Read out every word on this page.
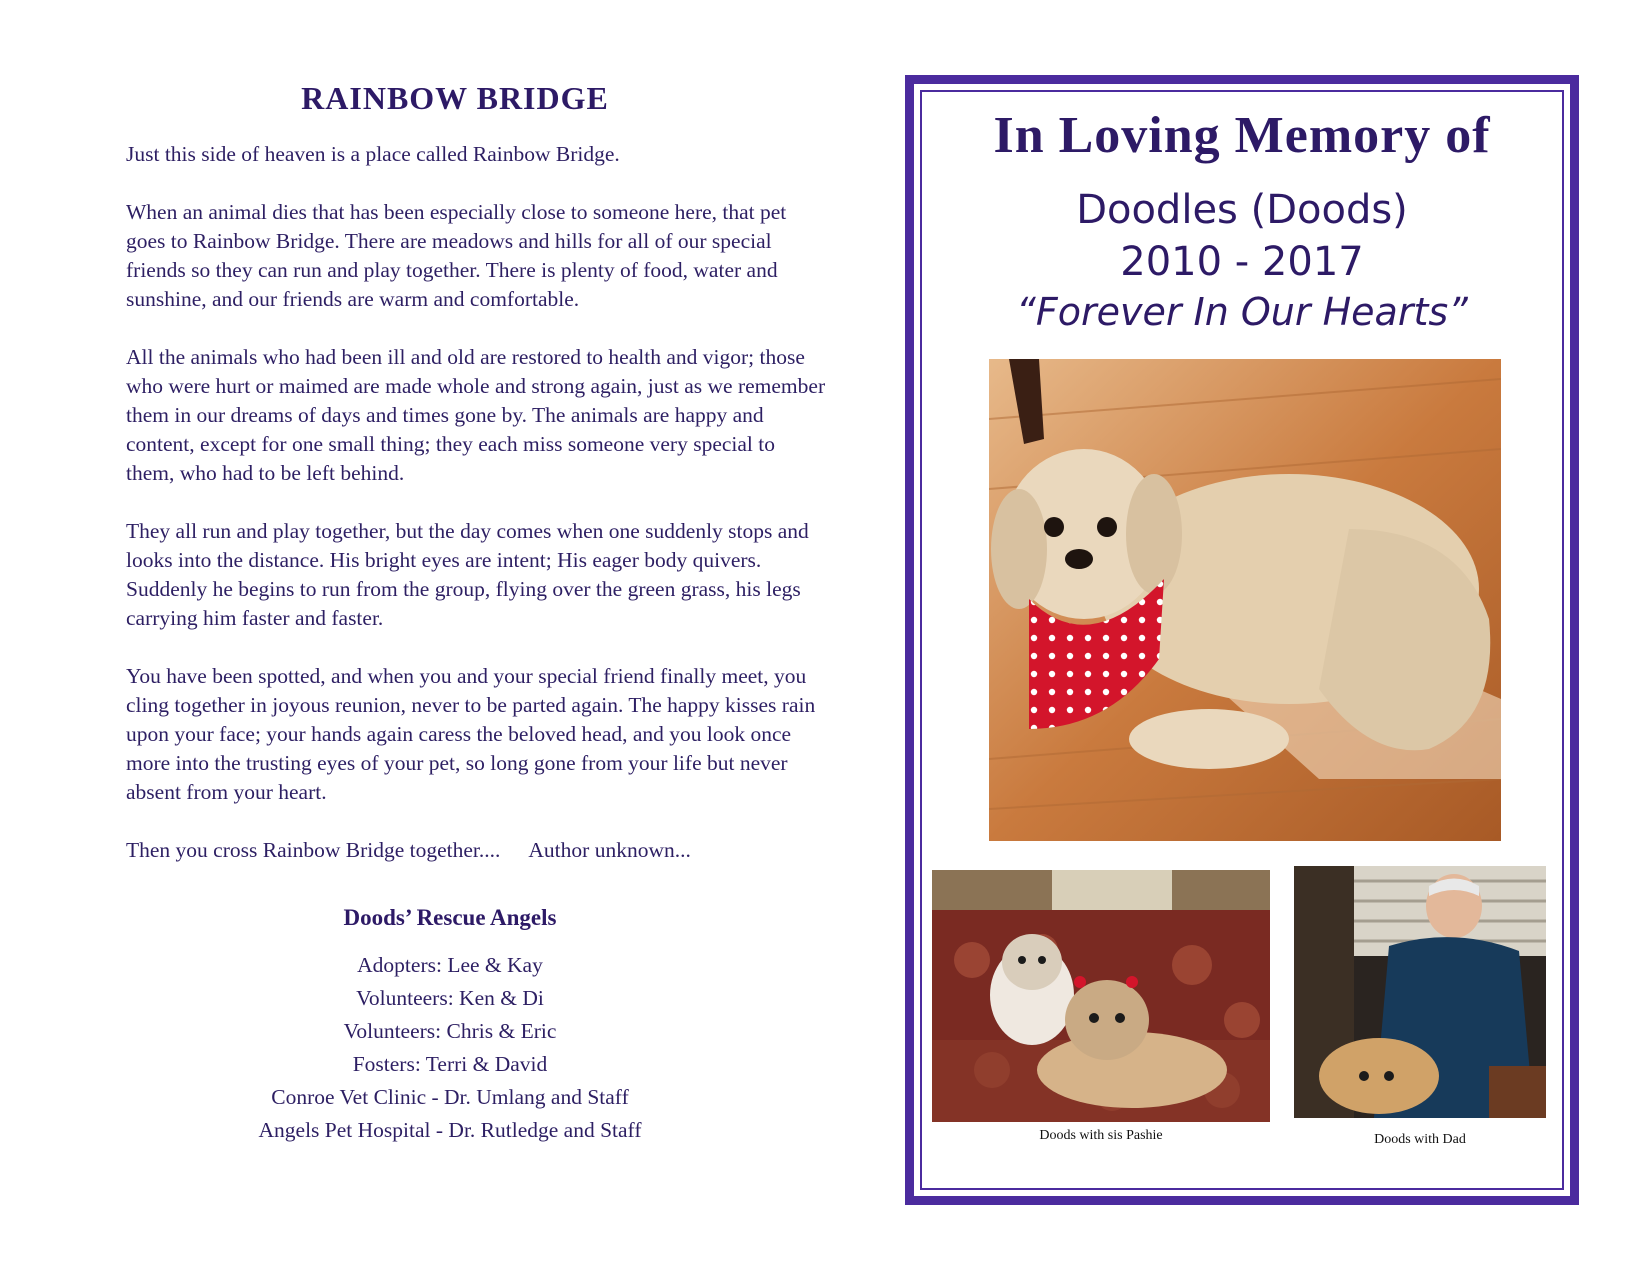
RAINBOW BRIDGE

Just this side of heaven is a place called Rainbow Bridge.

When an animal dies that has been especially close to someone here, that pet goes to Rainbow Bridge. There are meadows and hills for all of our special friends so they can run and play together. There is plenty of food, water and sunshine, and our friends are warm and comfortable.

All the animals who had been ill and old are restored to health and vigor; those who were hurt or maimed are made whole and strong again, just as we remember them in our dreams of days and times gone by. The animals are happy and content, except for one small thing; they each miss someone very special to them, who had to be left behind.

They all run and play together, but the day comes when one suddenly stops and looks into the distance. His bright eyes are intent; His eager body quivers. Suddenly he begins to run from the group, flying over the green grass, his legs carrying him faster and faster.

You have been spotted, and when you and your special friend finally meet, you cling together in joyous reunion, never to be parted again. The happy kisses rain upon your face; your hands again caress the beloved head, and you look once more into the trusting eyes of your pet, so long gone from your life but never absent from your heart.

Then you cross Rainbow Bridge together.... Author unknown...

Doods’ Rescue Angels
Adopters: Lee & Kay
Volunteers: Ken & Di
Volunteers: Chris & Eric
Fosters: Terri & David
Conroe Vet Clinic - Dr. Umlang and Staff
Angels Pet Hospital - Dr. Rutledge and Staff
In Loving Memory of
Doodles (Doods)
2010 - 2017
“Forever In Our Hearts”
Doods with sis Pashie	Doods with Dad
